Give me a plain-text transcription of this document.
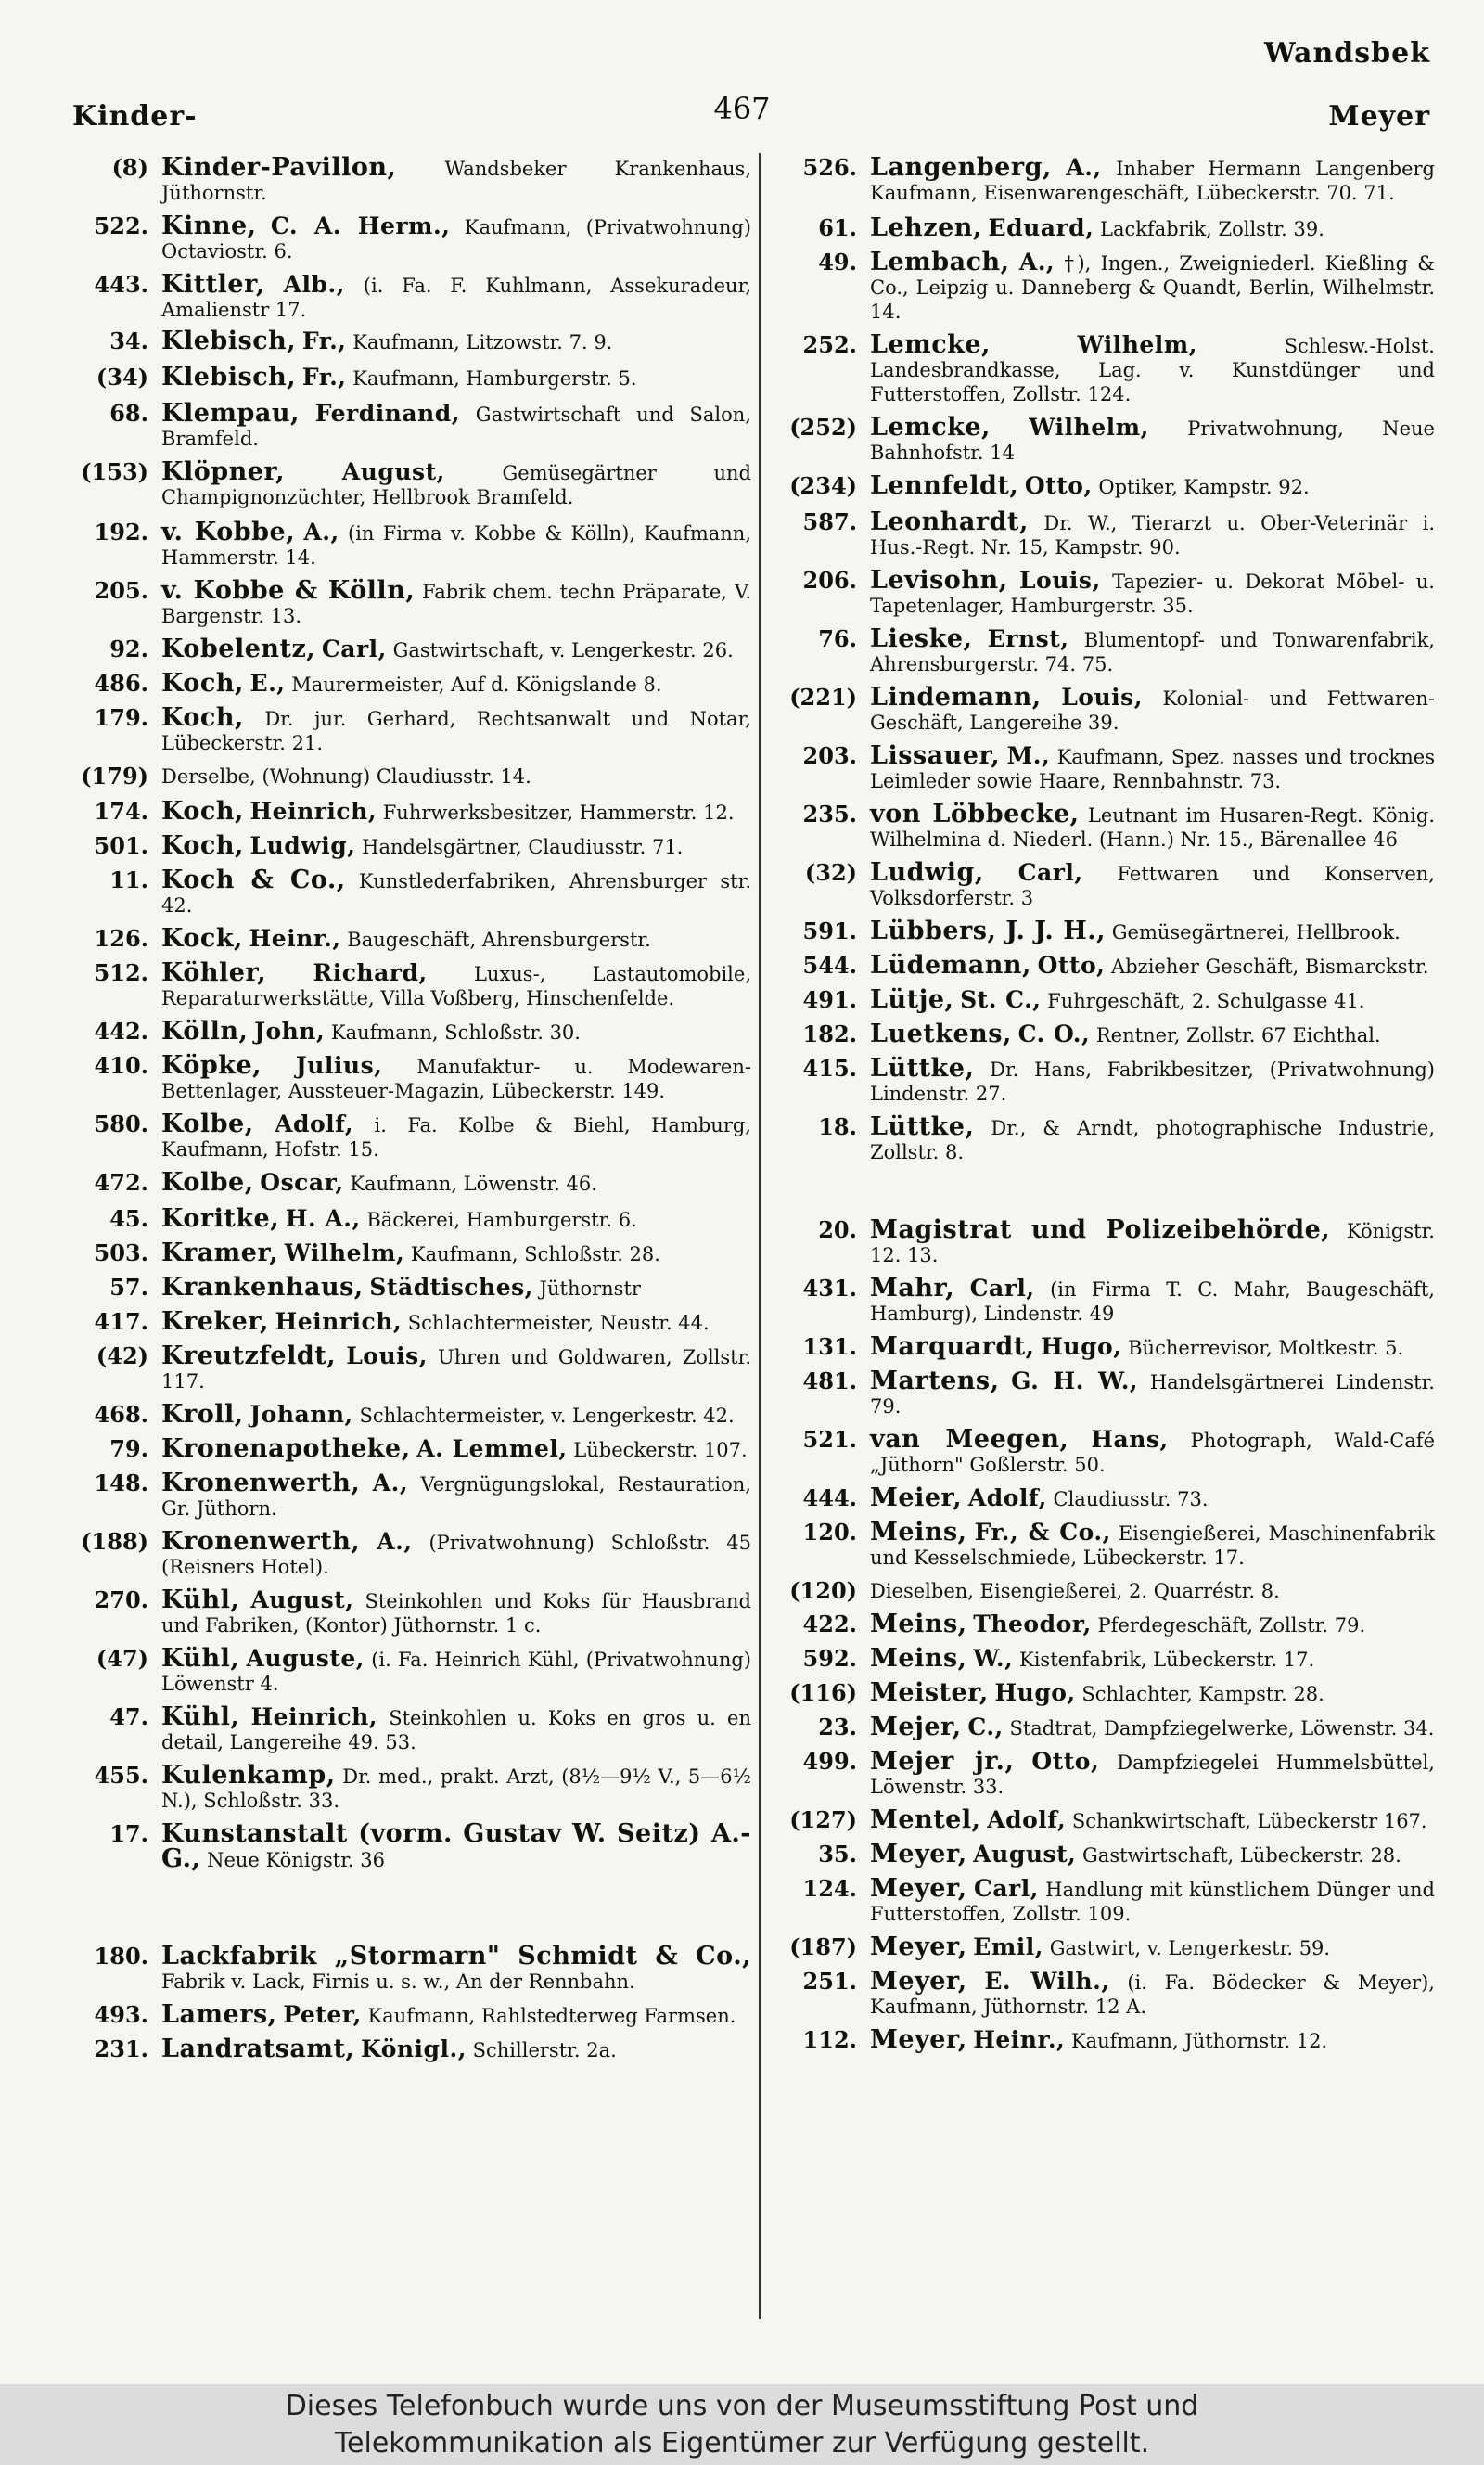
Wandsbek
Kinder-	467	Meyer
(8) Kinder-Pavillon, Wandsbeker Krankenhaus, Jüthornstr.
522. Kinne, C. A. Herm., Kaufmann, (Privatwohnung) Octaviostr. 6.
443. Kittler, Alb., (i. Fa. F. Kuhlmann, Assekuradeur, Amalienstr 17.
34. Klebisch, Fr., Kaufmann, Litzowstr. 7. 9.
(34) Klebisch, Fr., Kaufmann, Hamburgerstr. 5.
68. Klempau, Ferdinand, Gastwirtschaft und Salon, Bramfeld.
(153) Klöpner, August,	Gemüsegärtner und Champignonzüchter, Hellbrook Bramfeld.
192. v. Kobbe, A., (in Firma v. Kobbe & Kölln), Kaufmann, Hammerstr. 14.
205. v. Kobbe & Kölln, Fabrik chem. techn Präparate, V. Bargenstr. 13.
92. Kobelentz, Carl, Gastwirtschaft, v. Lengerkestr. 26.
486. Koch, E., Maurermeister, Auf d. Königslande 8.
179. Koch, Dr. jur. Gerhard, Rechtsanwalt und Notar, Lübeckerstr. 21.
(179) Derselbe, (Wohnung) Claudiusstr. 14.
174. Koch, Heinrich, Fuhrwerksbesitzer, Hammerstr. 12.
501. Koch, Ludwig, Handelsgärtner, Claudiusstr. 71.
11. Koch & Co., Kunstlederfabriken, Ahrensburger str. 42.
126. Kock, Heinr., Baugeschäft, Ahrensburgerstr.
512. Köhler, Richard, Luxus-, Lastautomobile, Reparaturwerkstätte, Villa Voßberg, Hinschenfelde.
442. Kölln, John, Kaufmann, Schloßstr. 30.
410. Köpke, Julius, Manufaktur- u. Modewaren-Bettenlager, Aussteuer-Magazin, Lübeckerstr. 149.
580. Kolbe, Adolf, i. Fa. Kolbe & Biehl, Hamburg, Kaufmann, Hofstr. 15.
472. Kolbe, Oscar, Kaufmann, Löwenstr. 46.
45. Koritke, H. A., Bäckerei, Hamburgerstr. 6.
503. Kramer, Wilhelm, Kaufmann, Schloßstr. 28.
57. Krankenhaus, Städtisches, Jüthornstr
417. Kreker, Heinrich, Schlachtermeister, Neustr. 44.
(42) Kreutzfeldt, Louis, Uhren und Goldwaren, Zollstr. 117.
468. Kroll, Johann, Schlachtermeister, v. Lengerkestr. 42.
79. Kronenapotheke, A. Lemmel, Lübeckerstr. 107.
148. Kronenwerth, A., Vergnügungslokal, Restauration, Gr. Jüthorn.
(188) Kronenwerth, A., (Privatwohnung) Schloßstr. 45 (Reisners Hotel).
270. Kühl, August, Steinkohlen und Koks für Hausbrand und Fabriken, (Kontor) Jüthornstr. 1 c.
(47) Kühl, Auguste, (i. Fa. Heinrich Kühl, (Privatwohnung) Löwenstr 4.
47. Kühl, Heinrich, Steinkohlen u. Koks en gros u. en detail, Langereihe 49. 53.
455. Kulenkamp, Dr. med., prakt. Arzt, (8½—9½ V., 5—6½ N.), Schloßstr. 33.
17. Kunstanstalt (vorm. Gustav W. Seitz) A.-G., Neue Königstr. 36
180. Lackfabrik „Stormarn" Schmidt & Co., Fabrik v. Lack, Firnis u. s. w., An der Rennbahn.
493. Lamers, Peter, Kaufmann, Rahlstedterweg Farmsen.
231. Landratsamt, Königl., Schillerstr. 2a.
526. Langenberg, A., Inhaber Hermann Langenberg Kaufmann, Eisenwarengeschäft, Lübeckerstr. 70. 71.
61. Lehzen, Eduard, Lackfabrik, Zollstr. 39.
49. Lembach, A., †), Ingen., Zweigniederl. Kießling & Co., Leipzig u. Danneberg & Quandt, Berlin, Wilhelmstr. 14.
252. Lemcke,	Wilhelm,	Schlesw.-Holst. Landesbrandkasse, Lag. v. Kunstdünger und Futterstoffen, Zollstr. 124.
(252) Lemcke, Wilhelm, Privatwohnung, Neue Bahnhofstr. 14
(234) Lennfeldt, Otto, Optiker, Kampstr. 92.
587. Leonhardt, Dr. W., Tierarzt u. Ober-Veterinär i. Hus.-Regt. Nr. 15, Kampstr. 90.
206. Levisohn, Louis, Tapezier- u. Dekorat Möbel- u. Tapetenlager, Hamburgerstr. 35.
76. Lieske, Ernst, Blumentopf- und Tonwarenfabrik, Ahrensburgerstr. 74. 75.
(221) Lindemann, Louis, Kolonial- und Fettwaren-Geschäft, Langereihe 39.
203. Lissauer, M., Kaufmann, Spez. nasses und trocknes Leimleder sowie Haare, Rennbahnstr. 73.
235. von Löbbecke, Leutnant im Husaren-Regt. König. Wilhelmina d. Niederl. (Hann.) Nr. 15., Bärenallee 46
(32) Ludwig, Carl, Fettwaren und Konserven, Volksdorferstr. 3
591. Lübbers, J. J. H., Gemüsegärtnerei, Hellbrook.
544. Lüdemann, Otto, Abzieher Geschäft, Bismarckstr.
491. Lütje, St. C., Fuhrgeschäft, 2. Schulgasse 41.
182. Luetkens, C. O., Rentner, Zollstr. 67 Eichthal.
415. Lüttke, Dr. Hans, Fabrikbesitzer, (Privatwohnung) Lindenstr. 27.
18. Lüttke, Dr., & Arndt, photographische Industrie, Zollstr. 8.
20. Magistrat und Polizeibehörde, Königstr. 12. 13.
431. Mahr, Carl, (in Firma T. C. Mahr, Baugeschäft, Hamburg), Lindenstr. 49
131. Marquardt, Hugo, Bücherrevisor, Moltkestr. 5.
481. Martens, G. H. W., Handelsgärtnerei Lindenstr. 79.
521. van Meegen, Hans, Photograph, Wald-Café „Jüthorn" Goßlerstr. 50.
444. Meier, Adolf, Claudiusstr. 73.
120. Meins, Fr., & Co., Eisengießerei, Maschinenfabrik und Kesselschmiede, Lübeckerstr. 17.
(120) Dieselben, Eisengießerei, 2. Quarréstr. 8.
422. Meins, Theodor, Pferdegeschäft, Zollstr. 79.
592. Meins, W., Kistenfabrik, Lübeckerstr. 17.
(116) Meister, Hugo, Schlachter, Kampstr. 28.
23. Mejer, C., Stadtrat, Dampfziegelwerke, Löwenstr. 34.
499. Mejer jr., Otto, Dampfziegelei Hummelsbüttel, Löwenstr. 33.
(127) Mentel, Adolf, Schankwirtschaft, Lübeckerstr 167.
35. Meyer, August, Gastwirtschaft, Lübeckerstr. 28.
124. Meyer, Carl, Handlung mit künstlichem Dünger und Futterstoffen, Zollstr. 109.
(187) Meyer, Emil, Gastwirt, v. Lengerkestr. 59.
251. Meyer, E. Wilh., (i. Fa. Bödecker & Meyer), Kaufmann, Jüthornstr. 12 A.
112. Meyer, Heinr., Kaufmann, Jüthornstr. 12.
Dieses Telefonbuch wurde uns von der Museumsstiftung Post und
Telekommunikation als Eigentümer zur Verfügung gestellt.
